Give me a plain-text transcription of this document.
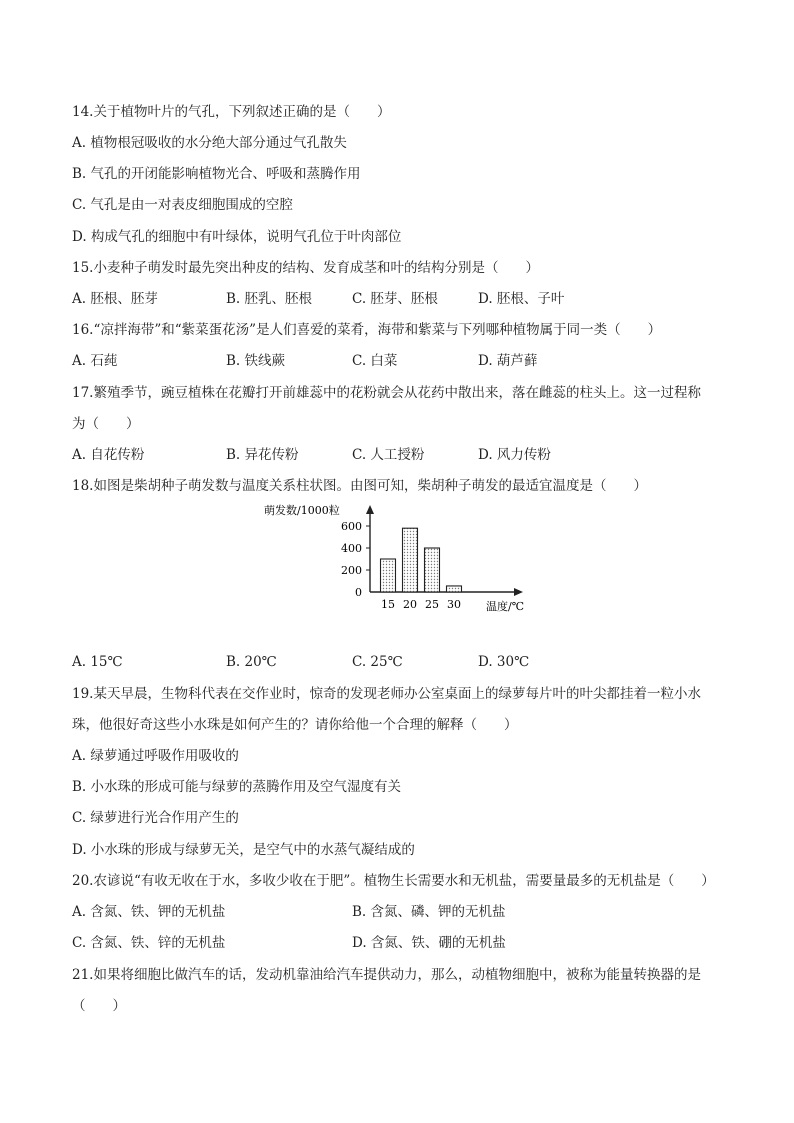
14.关于植物叶片的气孔，下列叙述正确的是（　　）
A. 植物根冠吸收的水分绝大部分通过气孔散失
B. 气孔的开闭能影响植物光合、呼吸和蒸腾作用
C. 气孔是由一对表皮细胞围成的空腔
D. 构成气孔的细胞中有叶绿体，说明气孔位于叶肉部位
15.小麦种子萌发时最先突出种皮的结构、发育成茎和叶的结构分别是（　　）
A. 胚根、胚芽	B. 胚乳、胚根	C. 胚芽、胚根	D. 胚根、子叶
16.“凉拌海带”和“紫菜蛋花汤”是人们喜爱的菜肴，海带和紫菜与下列哪种植物属于同一类（　　）
A. 石莼	B. 铁线蕨	C. 白菜	D. 葫芦藓
17.繁殖季节，豌豆植株在花瓣打开前雄蕊中的花粉就会从花药中散出来，落在雌蕊的柱头上。这一过程称
为（　　）
A. 自花传粉	B. 异花传粉	C. 人工授粉	D. 风力传粉
18.如图是柴胡种子萌发数与温度关系柱状图。由图可知，柴胡种子萌发的最适宜温度是（　　）
萌发数/1000粒
0
200
400
600
15 20 25 30 温度/℃
A. 15℃	B. 20℃	C. 25℃	D. 30℃
19.某天早晨，生物科代表在交作业时，惊奇的发现老师办公室桌面上的绿萝每片叶的叶尖都挂着一粒小水
珠，他很好奇这些小水珠是如何产生的？请你给他一个合理的解释（　　）
A. 绿萝通过呼吸作用吸收的
B. 小水珠的形成可能与绿萝的蒸腾作用及空气湿度有关
C. 绿萝进行光合作用产生的
D. 小水珠的形成与绿萝无关，是空气中的水蒸气凝结成的
20.农谚说“有收无收在于水，多收少收在于肥”。植物生长需要水和无机盐，需要量最多的无机盐是（　　）
A. 含氮、铁、钾的无机盐	B. 含氮、磷、钾的无机盐
C. 含氮、铁、锌的无机盐	D. 含氮、铁、硼的无机盐
21.如果将细胞比做汽车的话，发动机靠油给汽车提供动力，那么，动植物细胞中，被称为能量转换器的是
（　　）
